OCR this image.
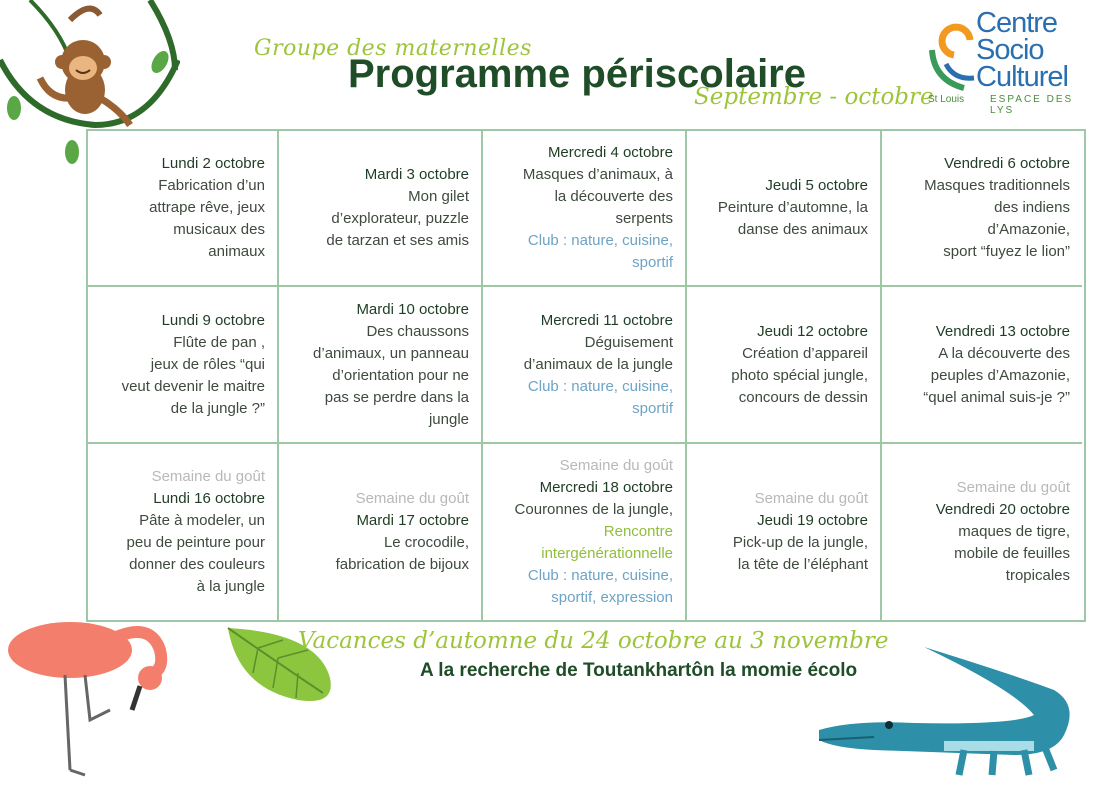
Groupe des maternelles
Programme périscolaire
Septembre - octobre
Centre
Socio
Culturel
St Louis	ESPACE DES LYS
Lundi 2 octobre
Fabrication d’un
attrape rêve, jeux
musicaux des
animaux
Mardi 3 octobre
Mon gilet
d’explorateur, puzzle
de tarzan et ses amis
Mercredi 4 octobre
Masques d’animaux, à
la découverte des
serpents
Club : nature, cuisine,
sportif
Jeudi 5 octobre
Peinture d’automne, la
danse des animaux
Vendredi 6 octobre
Masques traditionnels
des indiens
d’Amazonie,
sport “fuyez le lion”
Lundi 9 octobre
Flûte de pan ,
jeux de rôles “qui
veut devenir le maitre
de la jungle ?”
Mardi 10 octobre
Des chaussons
d’animaux, un panneau
d’orientation pour ne
pas se perdre dans la
jungle
Mercredi 11 octobre
Déguisement
d’animaux de la jungle
Club : nature, cuisine,
sportif
Jeudi 12 octobre
Création d’appareil
photo spécial jungle,
concours de dessin
Vendredi 13 octobre
A la découverte des
peuples d’Amazonie,
“quel animal suis-je ?”
Semaine du goût
Lundi 16 octobre
Pâte à modeler, un
peu de peinture pour
donner des couleurs
à la jungle
Semaine du goût
Mardi 17 octobre
Le crocodile,
fabrication de bijoux
Semaine du goût
Mercredi 18 octobre
Couronnes de la jungle,
Rencontre
intergénérationnelle
Club : nature, cuisine,
sportif, expression
Semaine du goût
Jeudi 19 octobre
Pick-up de la jungle,
la tête de l’éléphant
Semaine du goût
Vendredi 20 octobre
maques de tigre,
mobile de feuilles
tropicales
Vacances d’automne du 24 octobre au 3 novembre
A la recherche de Toutankhartôn la momie écolo
